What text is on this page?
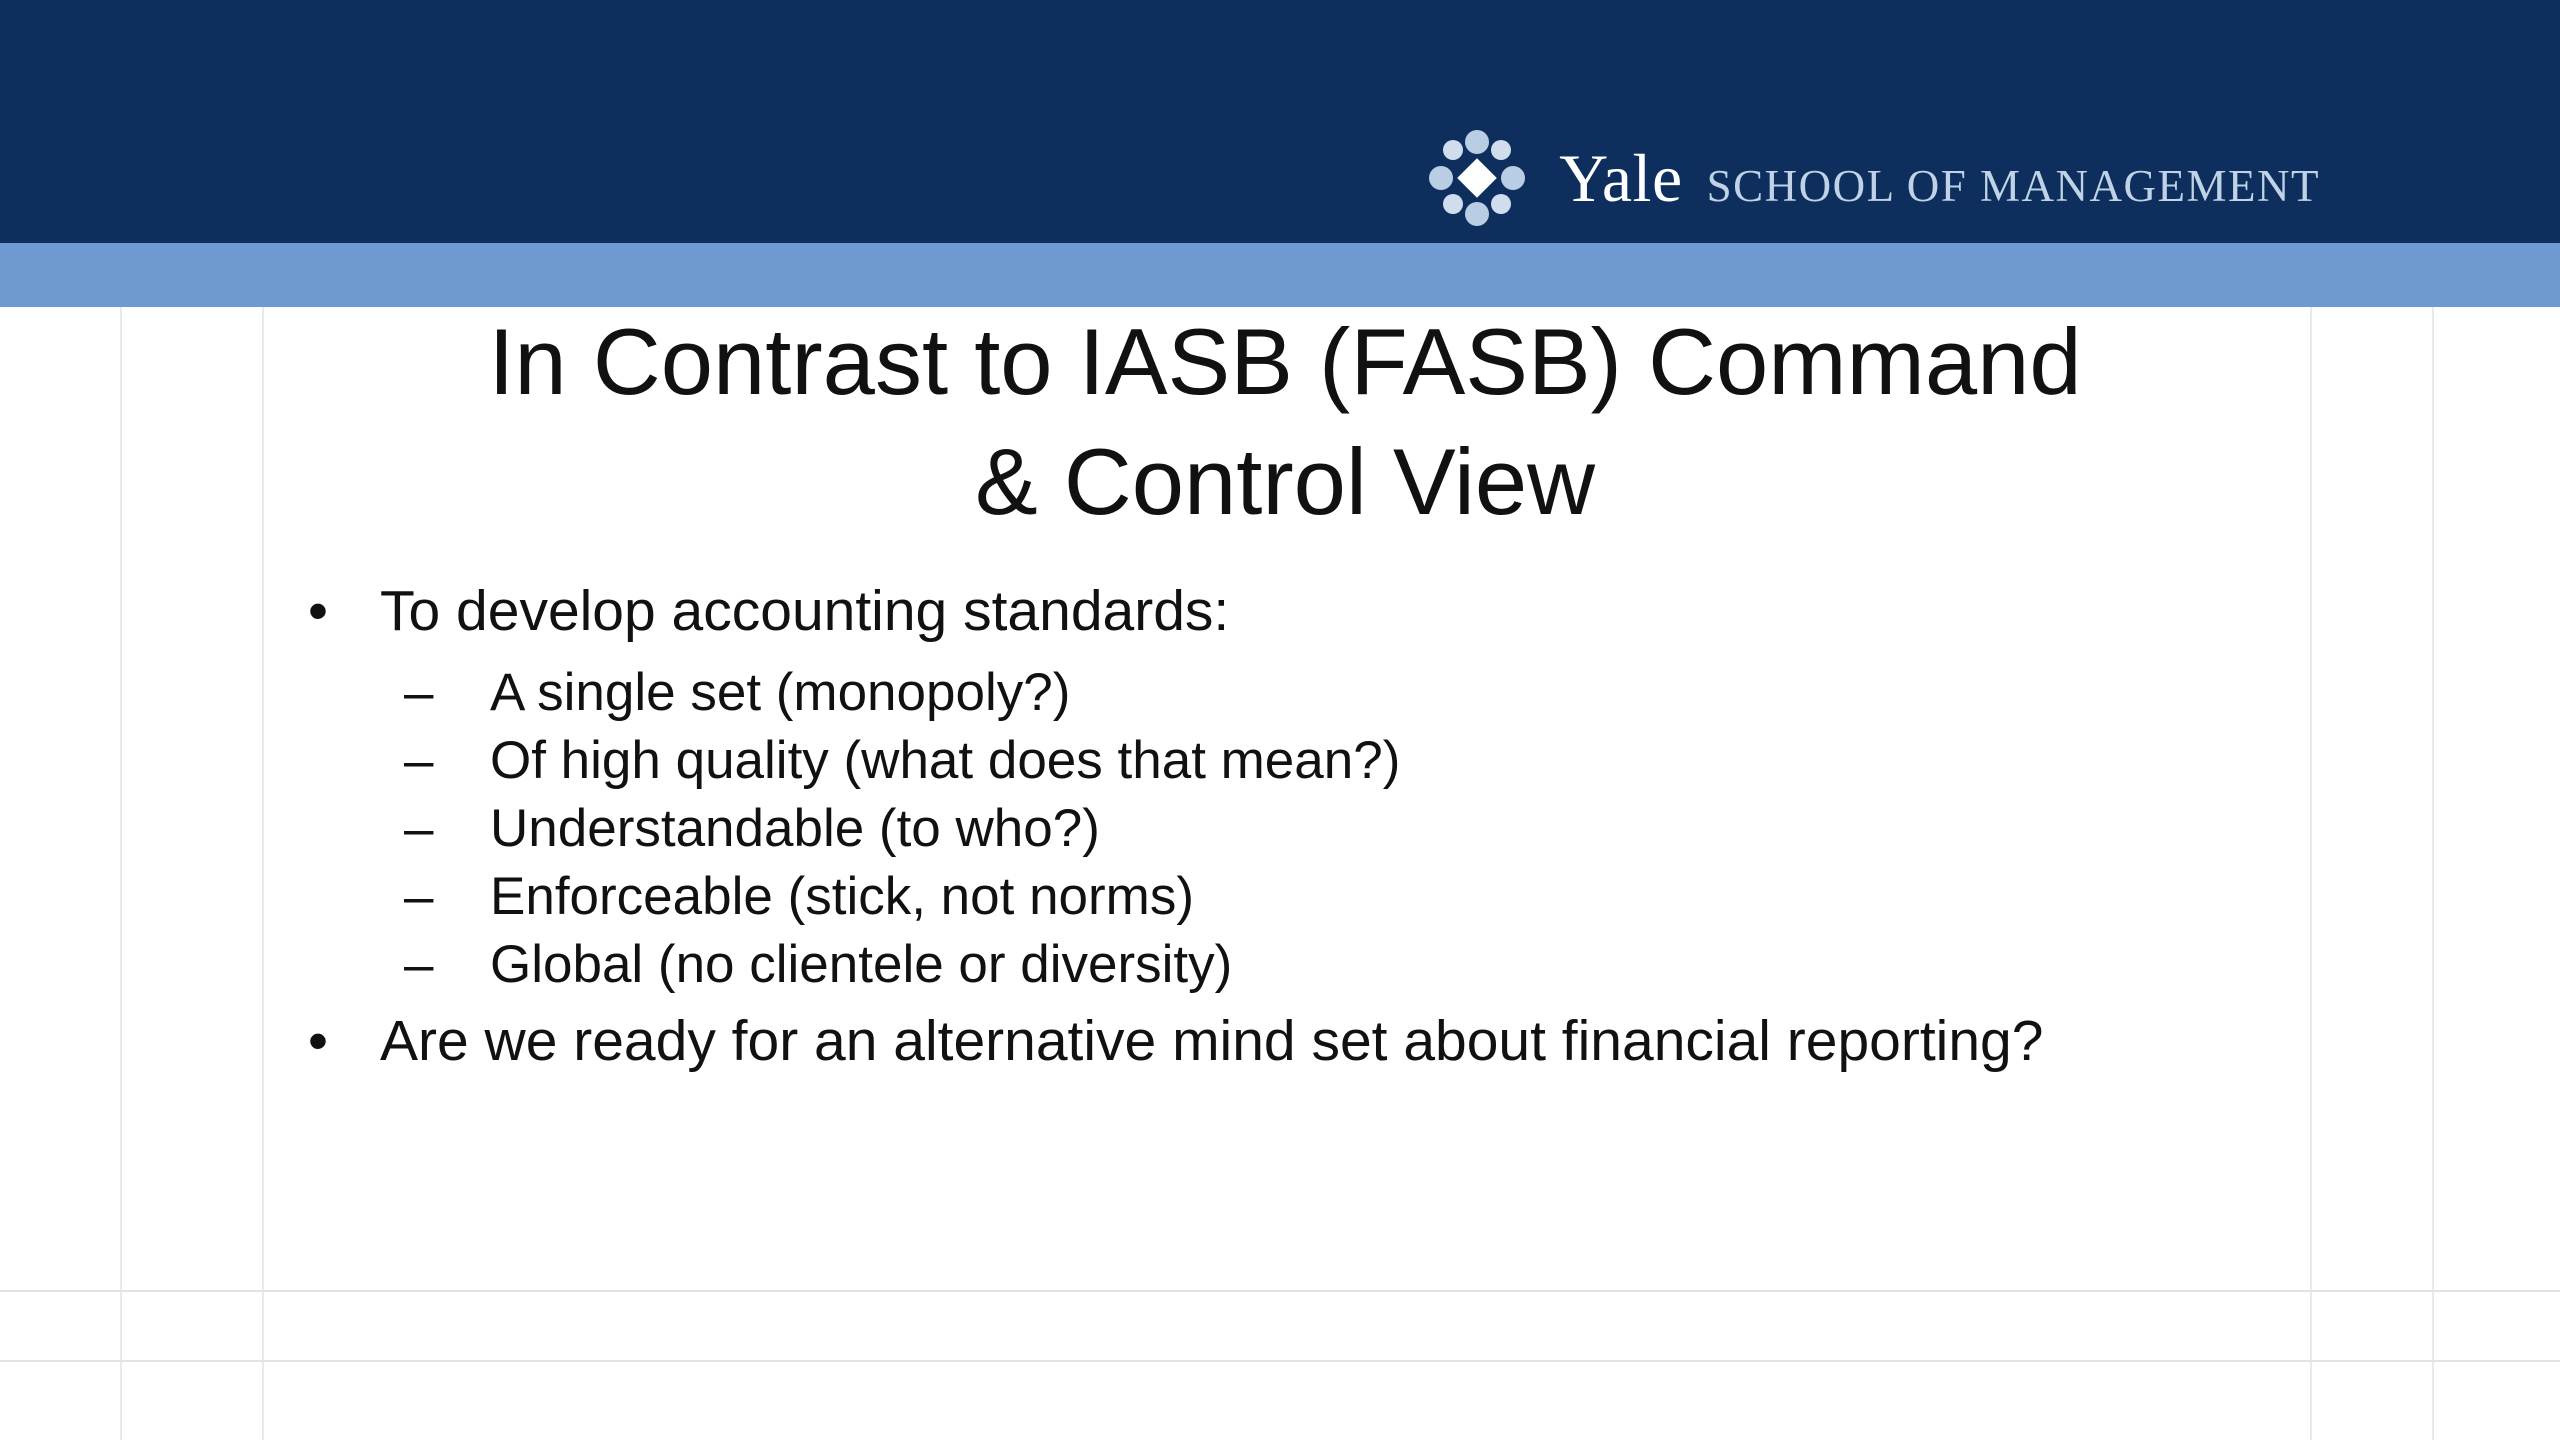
Yale SCHOOL OF MANAGEMENT
In Contrast to IASB (FASB) Command
& Control View
• To develop accounting standards:
– A single set (monopoly?)
– Of high quality (what does that mean?)
– Understandable (to who?)
– Enforceable (stick, not norms)
– Global (no clientele or diversity)
• Are we ready for an alternative mind set about financial reporting?
